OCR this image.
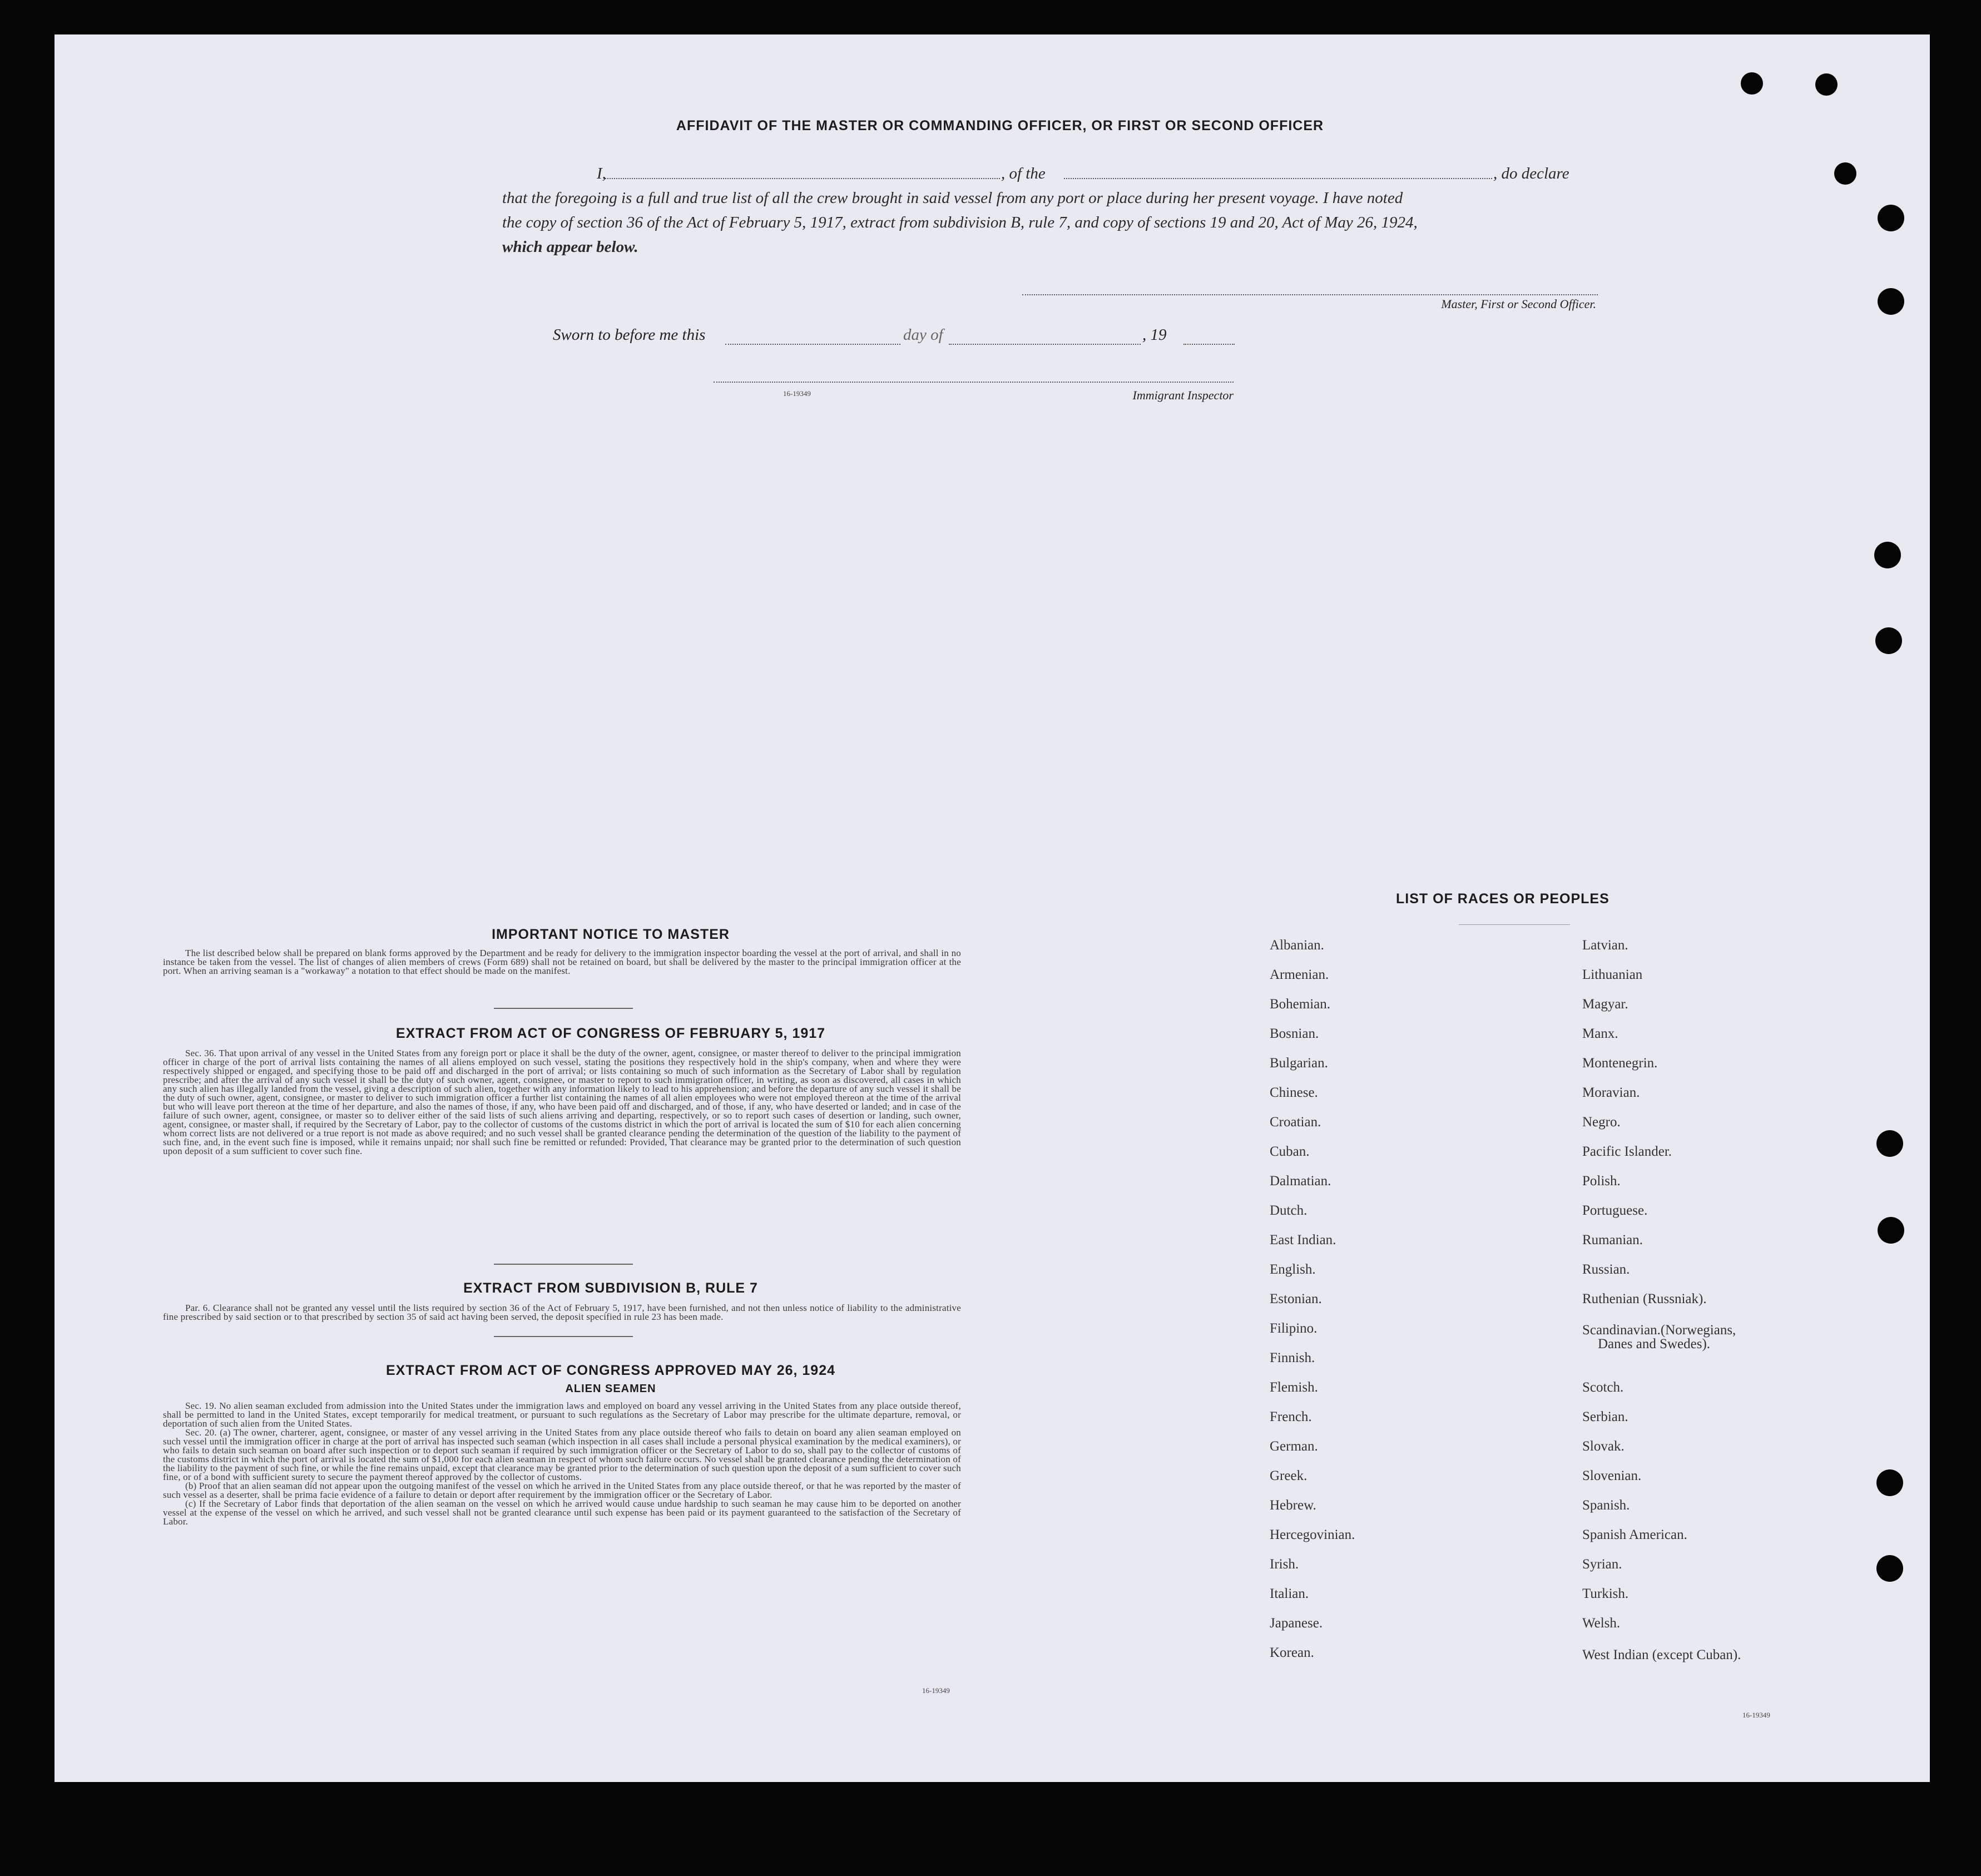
AFFIDAVIT OF THE MASTER OR COMMANDING OFFICER, OR FIRST OR SECOND OFFICER
I,	, of the	, do declare
that the foregoing is a full and true list of all the crew brought in said vessel from any port or place during her present voyage. I have noted
the copy of section 36 of the Act of February 5, 1917, extract from subdivision B, rule 7, and copy of sections 19 and 20, Act of May 26, 1924,
which appear below.
Master, First or Second Officer.
Sworn to before me this	day of	, 19
16-19349	Immigrant Inspector
IMPORTANT NOTICE TO MASTER

The list described below shall be prepared on blank forms approved by the Department and be ready for delivery to the immigration inspector boarding the vessel at the port of arrival, and shall in no instance be taken from the vessel. The list of changes of alien members of crews (Form 689) shall not be retained on board, but shall be delivered by the master to the principal immigration officer at the port. When an arriving seaman is a "workaway" a notation to that effect should be made on the manifest.

EXTRACT FROM ACT OF CONGRESS OF FEBRUARY 5, 1917

Sec. 36. That upon arrival of any vessel in the United States from any foreign port or place it shall be the duty of the owner, agent, consignee, or master thereof to deliver to the principal immigration officer in charge of the port of arrival lists containing the names of all aliens employed on such vessel, stating the positions they respectively hold in the ship's company, when and where they were respectively shipped or engaged, and specifying those to be paid off and discharged in the port of arrival; or lists containing so much of such information as the Secretary of Labor shall by regulation prescribe; and after the arrival of any such vessel it shall be the duty of such owner, agent, consignee, or master to report to such immigration officer, in writing, as soon as discovered, all cases in which any such alien has illegally landed from the vessel, giving a description of such alien, together with any information likely to lead to his apprehension; and before the departure of any such vessel it shall be the duty of such owner, agent, consignee, or master to deliver to such immigration officer a further list containing the names of all alien employees who were not employed thereon at the time of the arrival but who will leave port thereon at the time of her departure, and also the names of those, if any, who have been paid off and discharged, and of those, if any, who have deserted or landed; and in case of the failure of such owner, agent, consignee, or master so to deliver either of the said lists of such aliens arriving and departing, respectively, or so to report such cases of desertion or landing, such owner, agent, consignee, or master shall, if required by the Secretary of Labor, pay to the collector of customs of the customs district in which the port of arrival is located the sum of $10 for each alien concerning whom correct lists are not delivered or a true report is not made as above required; and no such vessel shall be granted clearance pending the determination of the question of the liability to the payment of such fine, and, in the event such fine is imposed, while it remains unpaid; nor shall such fine be remitted or refunded: Provided, That clearance may be granted prior to the determination of such question upon deposit of a sum sufficient to cover such fine.

EXTRACT FROM SUBDIVISION B, RULE 7

Par. 6. Clearance shall not be granted any vessel until the lists required by section 36 of the Act of February 5, 1917, have been furnished, and not then unless notice of liability to the administrative fine prescribed by said section or to that prescribed by section 35 of said act having been served, the deposit specified in rule 23 has been made.

EXTRACT FROM ACT OF CONGRESS APPROVED MAY 26, 1924
ALIEN SEAMEN

Sec. 19. No alien seaman excluded from admission into the United States under the immigration laws and employed on board any vessel arriving in the United States from any place outside thereof, shall be permitted to land in the United States, except temporarily for medical treatment, or pursuant to such regulations as the Secretary of Labor may prescribe for the ultimate departure, removal, or deportation of such alien from the United States.

Sec. 20. (a) The owner, charterer, agent, consignee, or master of any vessel arriving in the United States from any place outside thereof who fails to detain on board any alien seaman employed on such vessel until the immigration officer in charge at the port of arrival has inspected such seaman (which inspection in all cases shall include a personal physical examination by the medical examiners), or who fails to detain such seaman on board after such inspection or to deport such seaman if required by such immigration officer or the Secretary of Labor to do so, shall pay to the collector of customs of the customs district in which the port of arrival is located the sum of $1,000 for each alien seaman in respect of whom such failure occurs. No vessel shall be granted clearance pending the determination of the liability to the payment of such fine, or while the fine remains unpaid, except that clearance may be granted prior to the determination of such question upon the deposit of a sum sufficient to cover such fine, or of a bond with sufficient surety to secure the payment thereof approved by the collector of customs.

(b) Proof that an alien seaman did not appear upon the outgoing manifest of the vessel on which he arrived in the United States from any place outside thereof, or that he was reported by the master of such vessel as a deserter, shall be prima facie evidence of a failure to detain or deport after requirement by the immigration officer or the Secretary of Labor.

(c) If the Secretary of Labor finds that deportation of the alien seaman on the vessel on which he arrived would cause undue hardship to such seaman he may cause him to be deported on another vessel at the expense of the vessel on which he arrived, and such vessel shall not be granted clearance until such expense has been paid or its payment guaranteed to the satisfaction of the Secretary of Labor.

16-19349
LIST OF RACES OR PEOPLES
Albanian.
Armenian.
Bohemian.
Bosnian.
Bulgarian.
Chinese.
Croatian.
Cuban.
Dalmatian.
Dutch.
East Indian.
English.
Estonian.
Filipino.
Finnish.
Flemish.
French.
German.
Greek.
Hebrew.
Hercegovinian.
Irish.
Italian.
Japanese.
Korean.
Latvian.
Lithuanian
Magyar.
Manx.
Montenegrin.
Moravian.
Negro.
Pacific Islander.
Polish.
Portuguese.
Rumanian.
Russian.
Ruthenian (Russniak).
Scandinavian.(Norwegians,
Danes and Swedes).
Scotch.
Serbian.
Slovak.
Slovenian.
Spanish.
Spanish American.
Syrian.
Turkish.
Welsh.
West Indian (except Cuban).
16-19349
